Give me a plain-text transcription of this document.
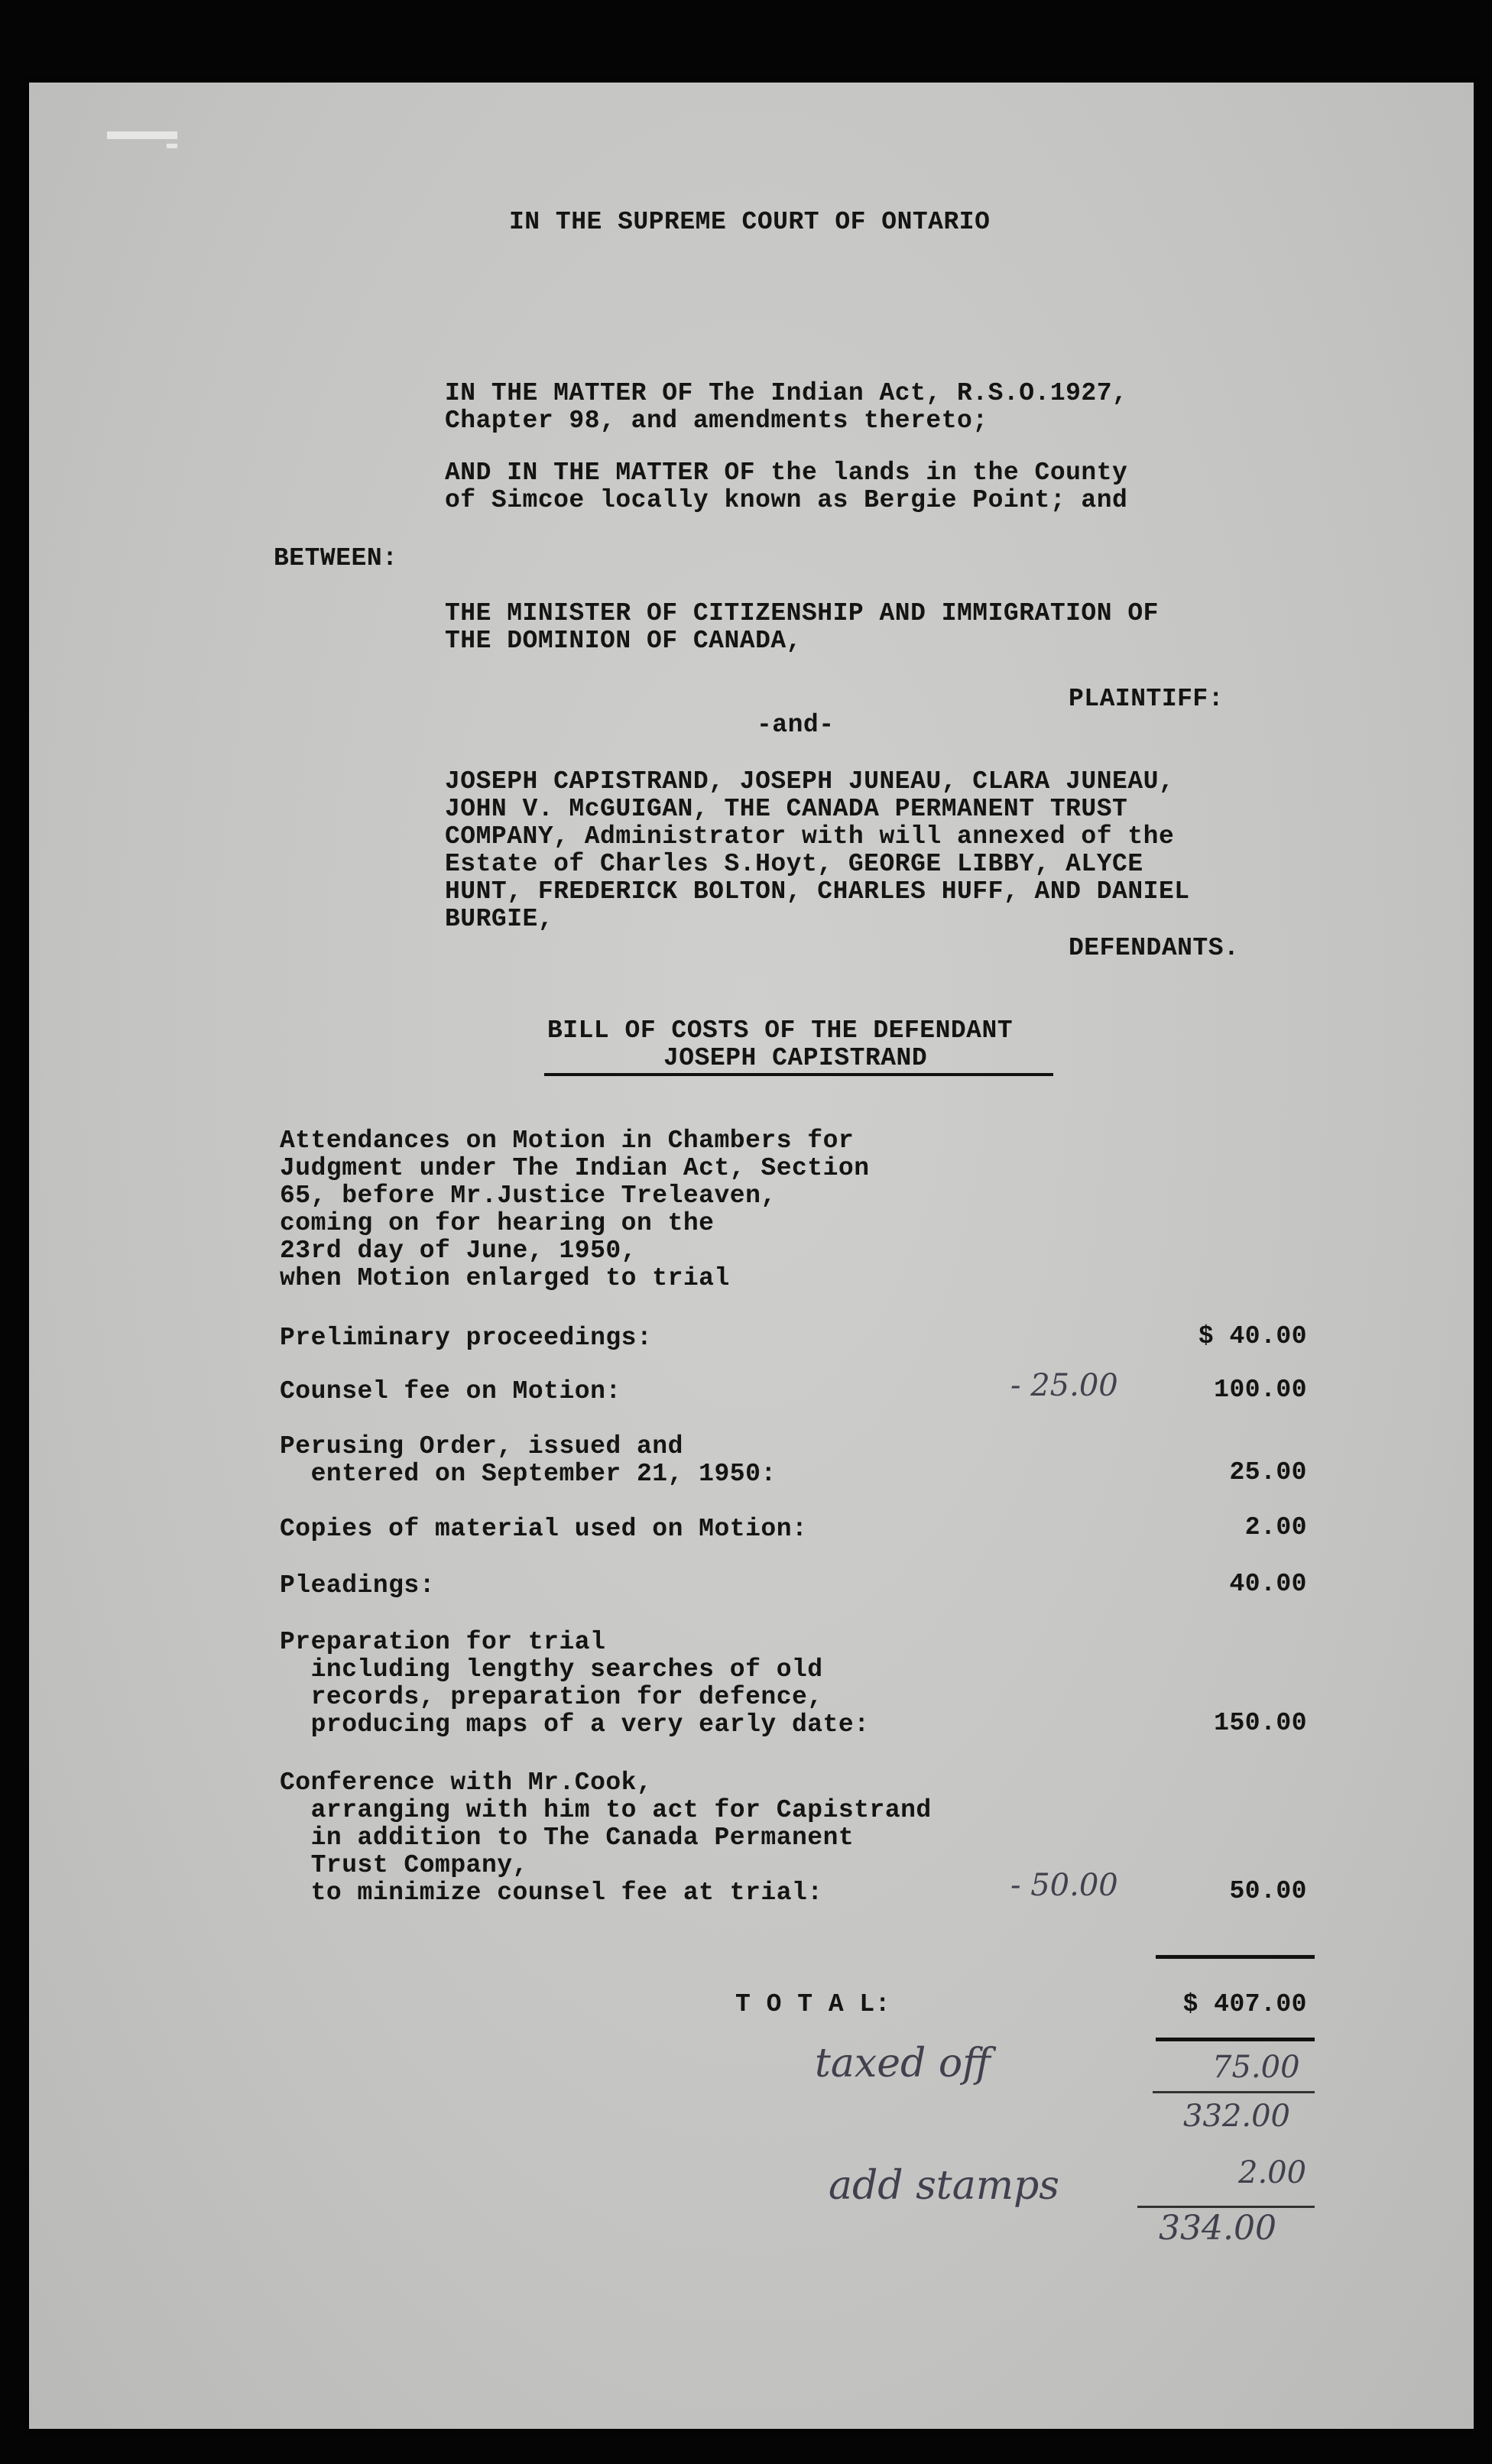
IN THE SUPREME COURT OF ONTARIO
IN THE MATTER OF The Indian Act, R.S.O.1927,
Chapter 98, and amendments thereto;
AND IN THE MATTER OF the lands in the County
of Simcoe locally known as Bergie Point; and
BETWEEN:
THE MINISTER OF CITIZENSHIP AND IMMIGRATION OF
THE DOMINION OF CANADA,
PLAINTIFF:
-and-
JOSEPH CAPISTRAND, JOSEPH JUNEAU, CLARA JUNEAU,
JOHN V. McGUIGAN, THE CANADA PERMANENT TRUST
COMPANY, Administrator with will annexed of the
Estate of Charles S.Hoyt, GEORGE LIBBY, ALYCE
HUNT, FREDERICK BOLTON, CHARLES HUFF, AND DANIEL
BURGIE,
DEFENDANTS.
BILL OF COSTS OF THE DEFENDANT
JOSEPH CAPISTRAND
Attendances on Motion in Chambers for
Judgment under The Indian Act, Section
65, before Mr.Justice Treleaven,
coming on for hearing on the
23rd day of June, 1950,
when Motion enlarged to trial
Preliminary proceedings:	$ 40.00
Counsel fee on Motion:	- 25.00	100.00
Perusing Order, issued and
entered on September 21, 1950:	25.00
Copies of material used on Motion:	2.00
Pleadings:	40.00
Preparation for trial
including lengthy searches of old
records, preparation for defence,
producing maps of a very early date:	150.00
Conference with Mr.Cook,
arranging with him to act for Capistrand
in addition to The Canada Permanent
Trust Company,
to minimize counsel fee at trial:	- 50.00	50.00
T O T A L:	$ 407.00
taxed off	75.00
332.00
add stamps	2.00
334.00
